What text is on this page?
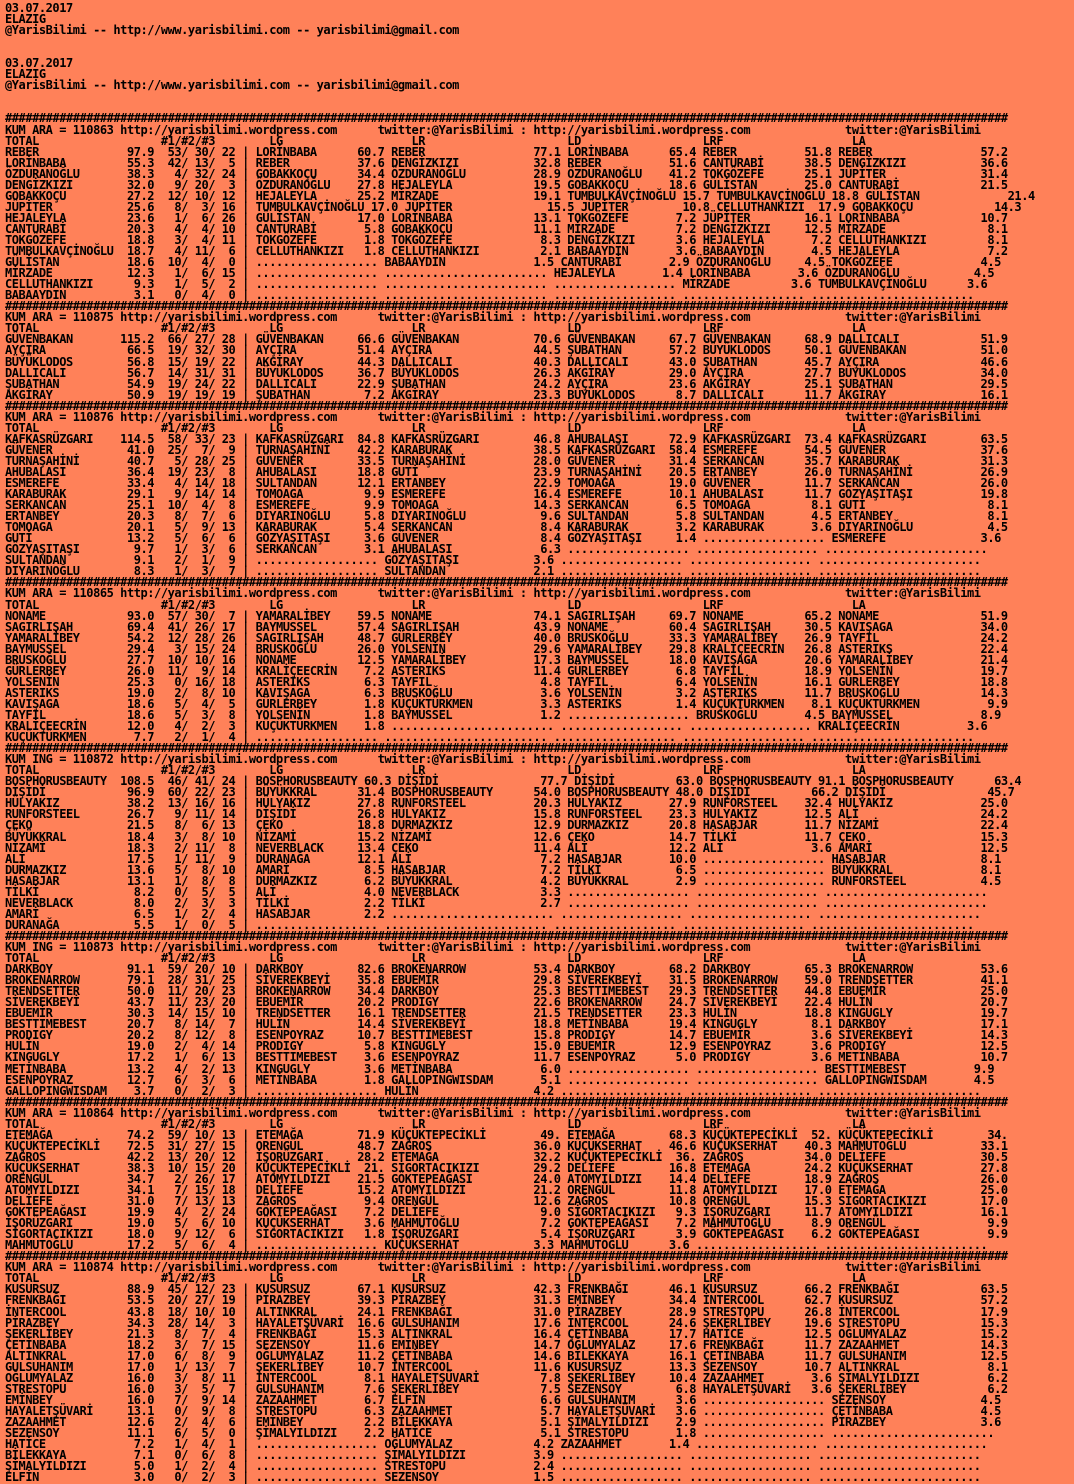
03.07.2017
ELAZIG
@YarisBilimi -- http://www.yarisbilimi.com -- yarisbilimi@gmail.com

03.07.2017
ELAZIG
@YarisBilimi -- http://www.yarisbilimi.com -- yarisbilimi@gmail.com

####################################################################################################################################################
KUM ARA = 110863 http://yarisbilimi.wordpress.com      twitter:@YarisBilimi : http://yarisbilimi.wordpress.com              twitter:@YarisBilimi
TOTAL                  #1/#2/#3        LG                   LR                     LD                  LRF                   LA
REBER             97.9  53/ 30/ 22 | LORİNBABA      60.7 REBER                77.1 LORİNBABA      65.4 REBER          51.8 REBER                57.2
LORİNBABA         55.3  42/ 13/  5 | REBER          37.6 DENGİZKIZI           32.8 REBER          51.6 CANTURABİ      38.5 DENGİZKIZI           36.6
ÖZDURANOĞLU       38.3   4/ 32/ 24 | GOBAKKOÇU      34.4 ÖZDURANOĞLU          28.9 ÖZDURANOĞLU    41.2 TOKGÖZEFE      25.1 JÜPİTER              31.4
DENGİZKIZI        32.0   9/ 20/  3 | ÖZDURANOĞLU    27.8 HEJALEYLA            19.5 GOBAKKOÇU      18.6 GÜLİSTAN       25.0 CANTURABİ            21.5
GOBAKKOÇU         27.2  12/ 10/ 12 | HEJALEYLA      25.2 MİRZADE              19.1 TUMBULKAVÇİNOĞLU 15.7 TUMBULKAVÇİNOĞLU 18.8 GÜLİSTAN             21.4
JÜPİTER           25.6   8/  3/ 16 | TUMBULKAVÇİNOĞLU 17.0 JÜPİTER              15.5 JÜPİTER        10.8 CELLUTHANKIZI  17.9 GOBAKKOÇU            14.3
HEJALEYLA         23.6   1/  6/ 26 | GÜLİSTAN       17.0 LORİNBABA            13.1 TOKGÖZEFE       7.2 JÜPİTER        16.1 LORİNBABA            10.7
CANTURABİ         20.3   4/  4/ 10 | CANTURABİ       5.8 GOBAKKOÇU            11.1 MİRZADE         7.2 DENGİZKIZI     12.5 MİRZADE               8.1
TOKGÖZEFE         18.8   3/  4/ 11 | TOKGÖZEFE       1.8 TOKGÖZEFE             8.3 DENGİZKIZI      3.6 HEJALEYLA       7.2 CELLUTHANKIZI         8.1
TUMBULKAVÇİNOĞLU  18.7   4/ 11/  6 | CELLUTHANKIZI   1.8 CELLUTHANKIZI         2.1 BABAAYDIN       3.6 BABAAYDIN       4.5 HEJALEYLA             7.2
GÜLİSTAN          18.6  10/  4/  0 | .................. BABAAYDIN             1.5 CANTURABİ       2.9 ÖZDURANOĞLU     4.5 TOKGÖZEFE             4.5
MİRZADE           12.3   1/  6/ 15 | .................. ........................ HEJALEYLA       1.4 LORİNBABA       3.6 ÖZDURANOĞLU           4.5
CELLUTHANKIZI      9.3   1/  5/  2 | .................. ........................ .................. MİRZADE         3.6 TUMBULKAVÇİNOĞLU      3.6
BABAAYDIN          3.1   0/  4/  0 | .................. ........................ .................. .................. ........................
####################################################################################################################################################
KUM ARA = 110875 http://yarisbilimi.wordpress.com      twitter:@YarisBilimi : http://yarisbilimi.wordpress.com              twitter:@YarisBilimi
TOTAL                  #1/#2/#3        LG                   LR                     LD                  LRF                   LA
GÜVENBAKAN       115.2  66/ 27/ 28 | GÜVENBAKAN     66.6 GÜVENBAKAN           70.6 GÜVENBAKAN     67.7 GÜVENBAKAN     68.9 DALLICALI            51.9
AYÇIRA            66.5  19/ 32/ 30 | AYÇIRA         51.4 AYÇIRA               44.5 ŞUBATHAN       57.2 BÜYÜKLODOS     50.1 GÜVENBAKAN           51.0
BÜYÜKLODOS        56.8  15/ 19/ 22 | AKGİRAY        44.3 DALLICALI            40.3 DALLICALI      43.0 ŞUBATHAN       45.7 AYÇIRA               46.6
DALLICALI         56.7  14/ 31/ 31 | BÜYÜKLODOS     36.7 BÜYÜKLODOS           26.3 AKGİRAY        29.0 AYÇIRA         27.7 BÜYÜKLODOS           34.0
ŞUBATHAN          54.9  19/ 24/ 22 | DALLICALI      22.9 ŞUBATHAN             24.2 AYÇIRA         23.6 AKGİRAY        25.1 ŞUBATHAN             29.5
AKGİRAY           50.9  19/ 19/ 19 | ŞUBATHAN        7.2 AKGİRAY              23.3 BÜYÜKLODOS      8.7 DALLICALI      11.7 AKGİRAY              16.1
####################################################################################################################################################
KUM ARA = 110876 http://yarisbilimi.wordpress.com      twitter:@YarisBilimi : http://yarisbilimi.wordpress.com              twitter:@YarisBilimi
TOTAL                  #1/#2/#3        LG                   LR                     LD                  LRF                   LA
KAFKASRÜZGARI    114.5  58/ 33/ 23 | KAFKASRÜZGARI  84.8 KAFKASRÜZGARI        46.8 AHUBALAŞI      72.9 KAFKASRÜZGARI  73.4 KAFKASRÜZGARI        63.5
GÜVENER           41.0  25/  7/  9 | TURNAŞAHİNİ    42.2 KARABURAK            38.5 KAFKASRÜZGARI  58.4 ESMEREFE       54.5 GÜVENER              37.6
TURNAŞAHİNİ       40.7   5/ 28/ 25 | GÜVENER        33.5 TURNAŞAHİNİ          28.0 GÜVENER        31.4 SERKANCAN      35.7 KARABURAK            31.3
AHUBALASI         36.4  19/ 23/  8 | AHUBALASI      18.8 GUTİ                 23.9 TURNAŞAHİNİ    20.5 ERTANBEY       26.0 TURNAŞAHİNİ          26.9
ESMEREFE          33.4   4/ 14/ 18 | SULTANDAN      12.1 ERTANBEY             22.9 TOMOAGA        19.0 GÜVENER        11.7 SERKANCAN            26.0
KARABURAK         29.1   9/ 14/ 14 | TOMOAGA         9.9 ESMEREFE             16.4 ESMEREFE       10.1 AHUBALASI      11.7 GÖZYAŞITAŞI          19.8
SERKANCAN         25.1  10/  4/  8 | ESMEREFE        9.9 TOMOAGA              14.3 SERKANCAN       6.5 TOMOAGA         8.1 GUTİ                  8.1
ERTANBEY          20.3   8/  7/  6 | DIYARINOĞLU     5.8 DIYARINOĞLU           9.6 SULTANDAN       5.8 SULTANDAN       4.5 ERTANBEY              8.1
TOMOAGA           20.1   5/  9/ 13 | KARABURAK       5.4 SERKANCAN             8.4 KARABURAK       3.2 KARABURAK       3.6 DIYARINOĞLU           4.5
GUTİ              13.2   5/  6/  6 | GÖZYAŞITAŞI     3.6 GÜVENER               8.4 GÖZYAŞITAŞI     1.4 .................. ESMEREFE              3.6
GÖZYAŞITAŞI        9.7   1/  3/  6 | SERKANCAN       3.1 AHUBALASI             6.3 .................. .................. ........................
SULTANDAN          9.1   2/  1/  9 | .................. GÖZYAŞITAŞI           3.6 .................. .................. ........................
DIYARINOĞLU        8.3   1/  3/  7 | .................. SULTANDAN             2.1 .................. .................. ........................
####################################################################################################################################################
KUM ARA = 110865 http://yarisbilimi.wordpress.com      twitter:@YarisBilimi : http://yarisbilimi.wordpress.com              twitter:@YarisBilimi
TOTAL                  #1/#2/#3        LG                   LR                     LD                  LRF                   LA
NONAME            93.0  57/ 30/  7 | YAMARALİBEY    59.5 NONAME               74.1 SAGIRLIŞAH     69.7 NONAME         65.2 NONAME               51.9
SAGIRLIŞAH        69.4  41/ 26/ 17 | BAYMUSSEL      57.4 SAGIRLIŞAH           43.9 NONAME         60.4 SAGIRLIŞAH     30.5 KAVIŞAGA             34.0
YAMARALİBEY       54.2  12/ 28/ 26 | SAGIRLIŞAH     48.7 GÜRLERBEY            40.0 BRUSKOĞLU      33.3 YAMARALİBEY    26.9 TAYFIL               24.2
BAYMUSSEL         29.4   3/ 15/ 24 | BRUSKOĞLU      26.0 YOLSENİN             29.6 YAMARALİBEY    29.8 KRALİÇEECRİN   26.8 ASTERIKS             22.4
BRUSKOĞLU         27.7  10/ 10/ 16 | NONAME         12.5 YAMARALİBEY          17.3 BAYMUSSEL      18.0 KAVIŞAGA       20.6 YAMARALİBEY          21.4
GÜRLERBEY         26.0  11/  9/ 14 | KRALİÇEECRİN    7.2 ASTERIKS             11.4 GÜRLERBEY       6.8 TAYFIL         18.9 YOLSENİN             19.7
YOLSENİN          25.3   0/ 16/ 18 | ASTERIKS        6.3 TAYFIL                4.8 TAYFIL          6.4 YOLSENİN       16.1 GÜRLERBEY            18.8
ASTERIKS          19.0   2/  8/ 10 | KAVIŞAGA        6.3 BRUSKOĞLU             3.6 YOLSENİN        3.2 ASTERIKS       11.7 BRUSKOĞLU            14.3
KAVIŞAGA          18.6   5/  4/  5 | GÜRLERBEY       1.8 KÜÇÜKTÜRKMEN          3.3 ASTERIKS        1.4 KÜÇÜKTÜRKMEN    8.1 KÜÇÜKTÜRKMEN          9.9
TAYFIL            18.6   5/  3/  8 | YOLSENİN        1.8 BAYMUSSEL             1.2 .................. BRUSKOĞLU       4.5 BAYMUSSEL             8.9
KRALİÇEECRİN      12.0   4/  2/  3 | KÜÇÜKTÜRKMEN    1.8 ........................ .................. .................. KRALİÇEECRİN          3.6
KÜÇÜKTÜRKMEN       7.7   2/  1/  4 | .................. ........................ .................. .................. ........................
####################################################################################################################################################
KUM ING = 110872 http://yarisbilimi.wordpress.com      twitter:@YarisBilimi : http://yarisbilimi.wordpress.com              twitter:@YarisBilimi
TOTAL                  #1/#2/#3        LG                   LR                     LD                  LRF                   LA
BOSPHORUSBEAUTY  108.5  46/ 41/ 24 | BOSPHORUSBEAUTY 60.3 DİŞİDİ               77.7 DİŞİDİ         63.0 BOSPHORUSBEAUTY 91.1 BOSPHORUSBEAUTY      63.4
DİŞİDİ            96.9  60/ 22/ 23 | BÜYÜKKRAL      31.4 BOSPHORUSBEAUTY      54.0 BOSPHORUSBEAUTY 48.0 DİŞİDİ         66.2 DİŞİDİ               45.7
HÜLYAKIZ          38.2  13/ 16/ 16 | HÜLYAKIZ       27.8 RUNFORSTEEL          20.3 HÜLYAKIZ       27.9 RUNFORSTEEL    32.4 HÜLYAKIZ             25.0
RUNFORSTEEL       26.7   9/ 11/ 14 | DİŞİDİ         26.8 HÜLYAKIZ             15.8 RUNFORSTEEL    23.3 HÜLYAKIZ       12.5 ALİ                  24.2
ÇEKO              21.5   8/  6/ 13 | ÇEKO           18.8 DURMAZKIZ            12.9 DURMAZKIZ      20.8 HASABJAR       11.7 NİZAMİ               22.4
BÜYÜKKRAL         18.4   3/  8/ 10 | NİZAMİ         15.2 NİZAMİ               12.6 ÇEKO           14.7 TİLKİ          11.7 ÇEKO                 15.3
NİZAMİ            18.3   2/ 11/  8 | NEVERBLACK     13.4 ÇEKO                 11.4 ALİ            12.2 ALİ             3.6 AMARİ                12.5
ALİ               17.5   1/ 11/  9 | DURANAĞA       12.1 ALİ                   7.2 HASABJAR       10.0 .................. HASABJAR              8.1
DURMAZKIZ         13.6   5/  8/ 10 | AMARİ           8.5 HASABJAR              7.2 TİLKİ           6.5 .................. BÜYÜKKRAL             8.1
HASABJAR          13.1   1/  8/  8 | DURMAZKIZ       6.2 BÜYÜKKRAL             4.2 BÜYÜKKRAL       2.9 .................. RUNFORSTEEL           4.5
TİLKİ              8.2   0/  5/  5 | ALİ             4.0 NEVERBLACK            3.3 .................. .................. ........................
NEVERBLACK         8.0   2/  3/  3 | TİLKİ           2.2 TİLKİ                 2.7 .................. .................. ........................
AMARİ              6.5   1/  2/  4 | HASABJAR        2.2 ........................ .................. .................. ........................
DURANAĞA           5.5   1/  0/  5 | .................. ........................ .................. .................. ........................
####################################################################################################################################################
KUM ING = 110873 http://yarisbilimi.wordpress.com      twitter:@YarisBilimi : http://yarisbilimi.wordpress.com              twitter:@YarisBilimi
TOTAL                  #1/#2/#3        LG                   LR                     LD                  LRF                   LA
DARKBOY           91.1  59/ 20/ 10 | DARKBOY        82.6 BROKENARROW          53.4 DARKBOY        68.2 DARKBOY        65.3 BROKENARROW          53.6
BROKENARROW       79.1  28/ 31/ 25 | SİVEREKBEYİ    35.8 EBUEMİR              29.8 SİVEREKBEYİ    31.5 BROKENARROW    59.0 TRENDSETTER          41.1
TRENDSETTER       50.0  11/ 20/ 23 | BROKENARROW    34.4 DARKBOY              25.3 BESTTIMEBEST   29.3 TRENDSETTER    44.8 EBUEMİR              25.0
SİVEREKBEYİ       43.7  11/ 23/ 20 | EBUEMİR        20.2 PRODIGY              22.6 BROKENARROW    24.7 SİVEREKBEYİ    22.4 HULİN                20.7
EBUEMİR           30.3  14/ 15/ 10 | TRENDSETTER    16.1 TRENDSETTER          21.5 TRENDSETTER    23.3 HULİN          18.8 KINGUGLY             19.7
BESTTIMEBEST      20.7   8/ 14/  7 | HULİN          14.4 SİVEREKBEYİ          18.8 METİNBABA      19.4 KINGUGLY        8.1 DARKBOY              17.1
PRODIGY           20.2   8/ 12/  8 | ESENPOYRAZ     10.7 BESTTIMEBEST         15.8 PRODIGY        14.7 EBUEMİR         3.6 SİVEREKBEYİ          14.3
HULİN             19.0   2/  4/ 14 | PRODIGY         5.8 KINGUGLY             15.0 EBUEMİR        12.9 ESENPOYRAZ      3.6 PRODIGY              12.5
KINGUGLY          17.2   1/  6/ 13 | BESTTIMEBEST    3.6 ESENPOYRAZ           11.7 ESENPOYRAZ      5.0 PRODIGY         3.6 METİNBABA            10.7
METİNBABA         13.2   4/  2/ 13 | KINGUGLY        3.6 METİNBABA             6.0 .................. .................. BESTTIMEBEST          9.9
ESENPOYRAZ        12.7   6/  3/  6 | METİNBABA       1.8 GALLOPINGWISDAM       5.1 .................. .................. GALLOPINGWISDAM       4.5
GALLOPINGWISDAM    3.7   0/  2/  3 | .................. HULİN                 4.2 .................. .................. ........................
####################################################################################################################################################
KUM ARA = 110864 http://yarisbilimi.wordpress.com      twitter:@YarisBilimi : http://yarisbilimi.wordpress.com              twitter:@YarisBilimi
TOTAL                  #1/#2/#3        LG                   LR                     LD                  LRF                   LA
ETEMAĞA           74.2  59/ 10/ 13 | ETEMAĞA        71.9 KÜÇÜKTEPECİKLİ        49. ETEMAĞA        68.3 KÜÇÜKTEPECİKLİ  52. KÜÇÜKTEPECİKLİ        34.
KÜÇÜKTEPECİKLİ    72.5  31/ 27/ 15 | ORENGÜL        48.7 ZAĞROS               36.0 KÜÇÜKSERHAT    46.6 KÜÇÜKSERHAT    40.3 MAHMUTOĞLU           33.1
ZAĞROS            42.2  13/ 20/ 12 | İŞORÜZGARI     28.2 ETEMAĞA              32.2 KÜÇÜKTEPECİKLİ  36. ZAĞROS         34.0 DELİEFE              30.5
KÜÇÜKSERHAT       38.3  10/ 15/ 20 | KÜÇÜKTEPECİKLİ  21. SİGORTACIKIZI        29.2 DELİEFE        16.8 ETEMAĞA        24.2 KÜÇÜKSERHAT          27.8
ORENGÜL           34.7   2/ 26/ 17 | ATOMYILDIZI    21.5 GÖKTEPEAĞASI         24.0 ATOMYILDIZI    14.4 DELİEFE        18.9 ZAĞROS               26.0
ATOMYILDIZI       34.1   7/ 15/ 18 | DELİEFE        15.2 ATOMYILDIZI          21.2 ORENGÜL        11.8 ATOMYILDIZI    17.0 ETEMAĞA              25.0
DELİEFE           31.0   7/ 13/ 13 | ZAĞROS          9.4 ORENGÜL              12.6 ZAĞROS         10.8 ORENGÜL        15.3 SİGORTACIKIZI        17.0
GÖKTEPEAĞASI      19.9   4/  2/ 24 | GÖKTEPEAĞASI    7.2 DELİEFE               9.0 SİGORTACIKIZI   9.3 İŞORÜZGARI     11.7 ATOMYILDIZI          16.1
İŞORÜZGARI        19.0   5/  6/ 10 | KÜÇÜKSERHAT     3.6 MAHMUTOĞLU            7.2 GÖKTEPEAĞASI    7.2 MAHMUTOĞLU      8.9 ORENGÜL               9.9
SİGORTACIKIZI     18.0   9/ 12/  6 | SİGORTACIKIZI   1.8 İŞORÜZGARI            5.4 İŞORÜZGARI      3.9 GÖKTEPEAĞASI    6.2 GÖKTEPEAĞASI          9.9
MAHMUTOĞLU        17.2   5/  6/  4 | .................. KÜÇÜKSERHAT           3.3 MAHMUTOĞLU      3.6 .................. ........................
####################################################################################################################################################
KUM ARA = 110874 http://yarisbilimi.wordpress.com      twitter:@YarisBilimi : http://yarisbilimi.wordpress.com              twitter:@YarisBilimi
TOTAL                  #1/#2/#3        LG                   LR                     LD                  LRF                   LA
KUSURSUZ          88.9  45/ 12/ 23 | KUSURSUZ       67.1 KUSURSUZ             42.3 FRENKBAĞI      46.1 KUSURSUZ       66.2 FRENKBAĞI            63.5
FRENKBAĞI         53.5  20/ 27/ 19 | PİRAZBEY       39.3 PİRAZBEY             31.3 EMİNBEY        34.4 İNTERCOOL      62.7 KUSURSUZ             57.2
İNTERCOOL         43.8  18/ 10/ 10 | ALTINKRAL      24.1 FRENKBAĞI            31.0 PİRAZBEY       28.9 STRESTOPU      26.8 İNTERCOOL            17.9
PİRAZBEY          34.3  28/ 14/  3 | HAYALETŞÜVARİ  16.6 GULSUHANIM           17.6 İNTERCOOL      24.6 ŞEKERLİBEY     19.6 STRESTOPU            15.3
ŞEKERLİBEY        21.3   8/  7/  4 | FRENKBAĞI      15.3 ALTINKRAL            16.4 ÇETİNBABA      17.7 HATİCE         12.5 OĞLUMYALAZ           15.2
ÇETİNBABA         18.2   3/  7/ 15 | SEZENSOY       11.6 EMİNBEY              14.7 OĞLUMYALAZ     17.6 FRENKBAĞI      11.7 ZAZAAHMET            14.3
ALTINKRAL         17.0   6/  8/  9 | OĞLUMYALAZ     11.2 ÇETİNBABA            14.6 BİLEKKAYA      16.1 ÇETİNBABA      11.7 GULSUHANIM           12.5
GULSUHANIM        17.0   1/ 13/  7 | ŞEKERLİBEY     10.7 İNTERCOOL            11.6 KUSURSUZ       13.3 SEZENSOY       10.7 ALTINKRAL             8.1
OĞLUMYALAZ        16.0   3/  8/ 11 | İNTERCOOL       8.1 HAYALETŞÜVARİ         7.8 ŞEKERLİBEY     10.4 ZAZAAHMET       3.6 ŞİMALYILDIZI          6.2
STRESTOPU         16.0   3/  5/  7 | GULSUHANIM      7.6 ŞEKERLİBEY            7.5 SEZENSOY        6.8 HAYALETŞÜVARİ   3.6 ŞEKERLİBEY            6.2
EMİNBEY           16.0   7/  9/ 14 | ZAZAAHMET       6.7 ELFİN                 6.6 GULSUHANIM      3.6 .................. SEZENSOY              4.5
HAYALETŞÜVARİ     13.1   0/  9/  8 | STRESTOPU       6.3 ZAZAAHMET             5.7 HAYALETŞÜVARİ   3.6 .................. ÇETİNBABA             4.5
ZAZAAHMET         12.6   2/  4/  6 | EMİNBEY         2.2 BİLEKKAYA             5.1 ŞİMALYILDIZI    2.9 .................. PİRAZBEY              3.6
SEZENSOY          11.1   6/  5/  0 | ŞİMALYILDIZI    2.2 HATİCE                5.1 STRESTOPU       1.8 .................. ........................
HATİCE             7.2   1/  4/  1 | .................. OĞLUMYALAZ            4.2 ZAZAAHMET       1.4 .................. ........................
BİLEKKAYA          7.1   0/  6/  8 | .................. ŞİMALYILDIZI          3.9 .................. .................. ........................
ŞİMALYILDIZI       5.0   1/  2/  4 | .................. STRESTOPU             2.4 .................. .................. ........................
ELFİN              3.0   0/  2/  3 | .................. SEZENSOY              1.5 .................. .................. ........................
